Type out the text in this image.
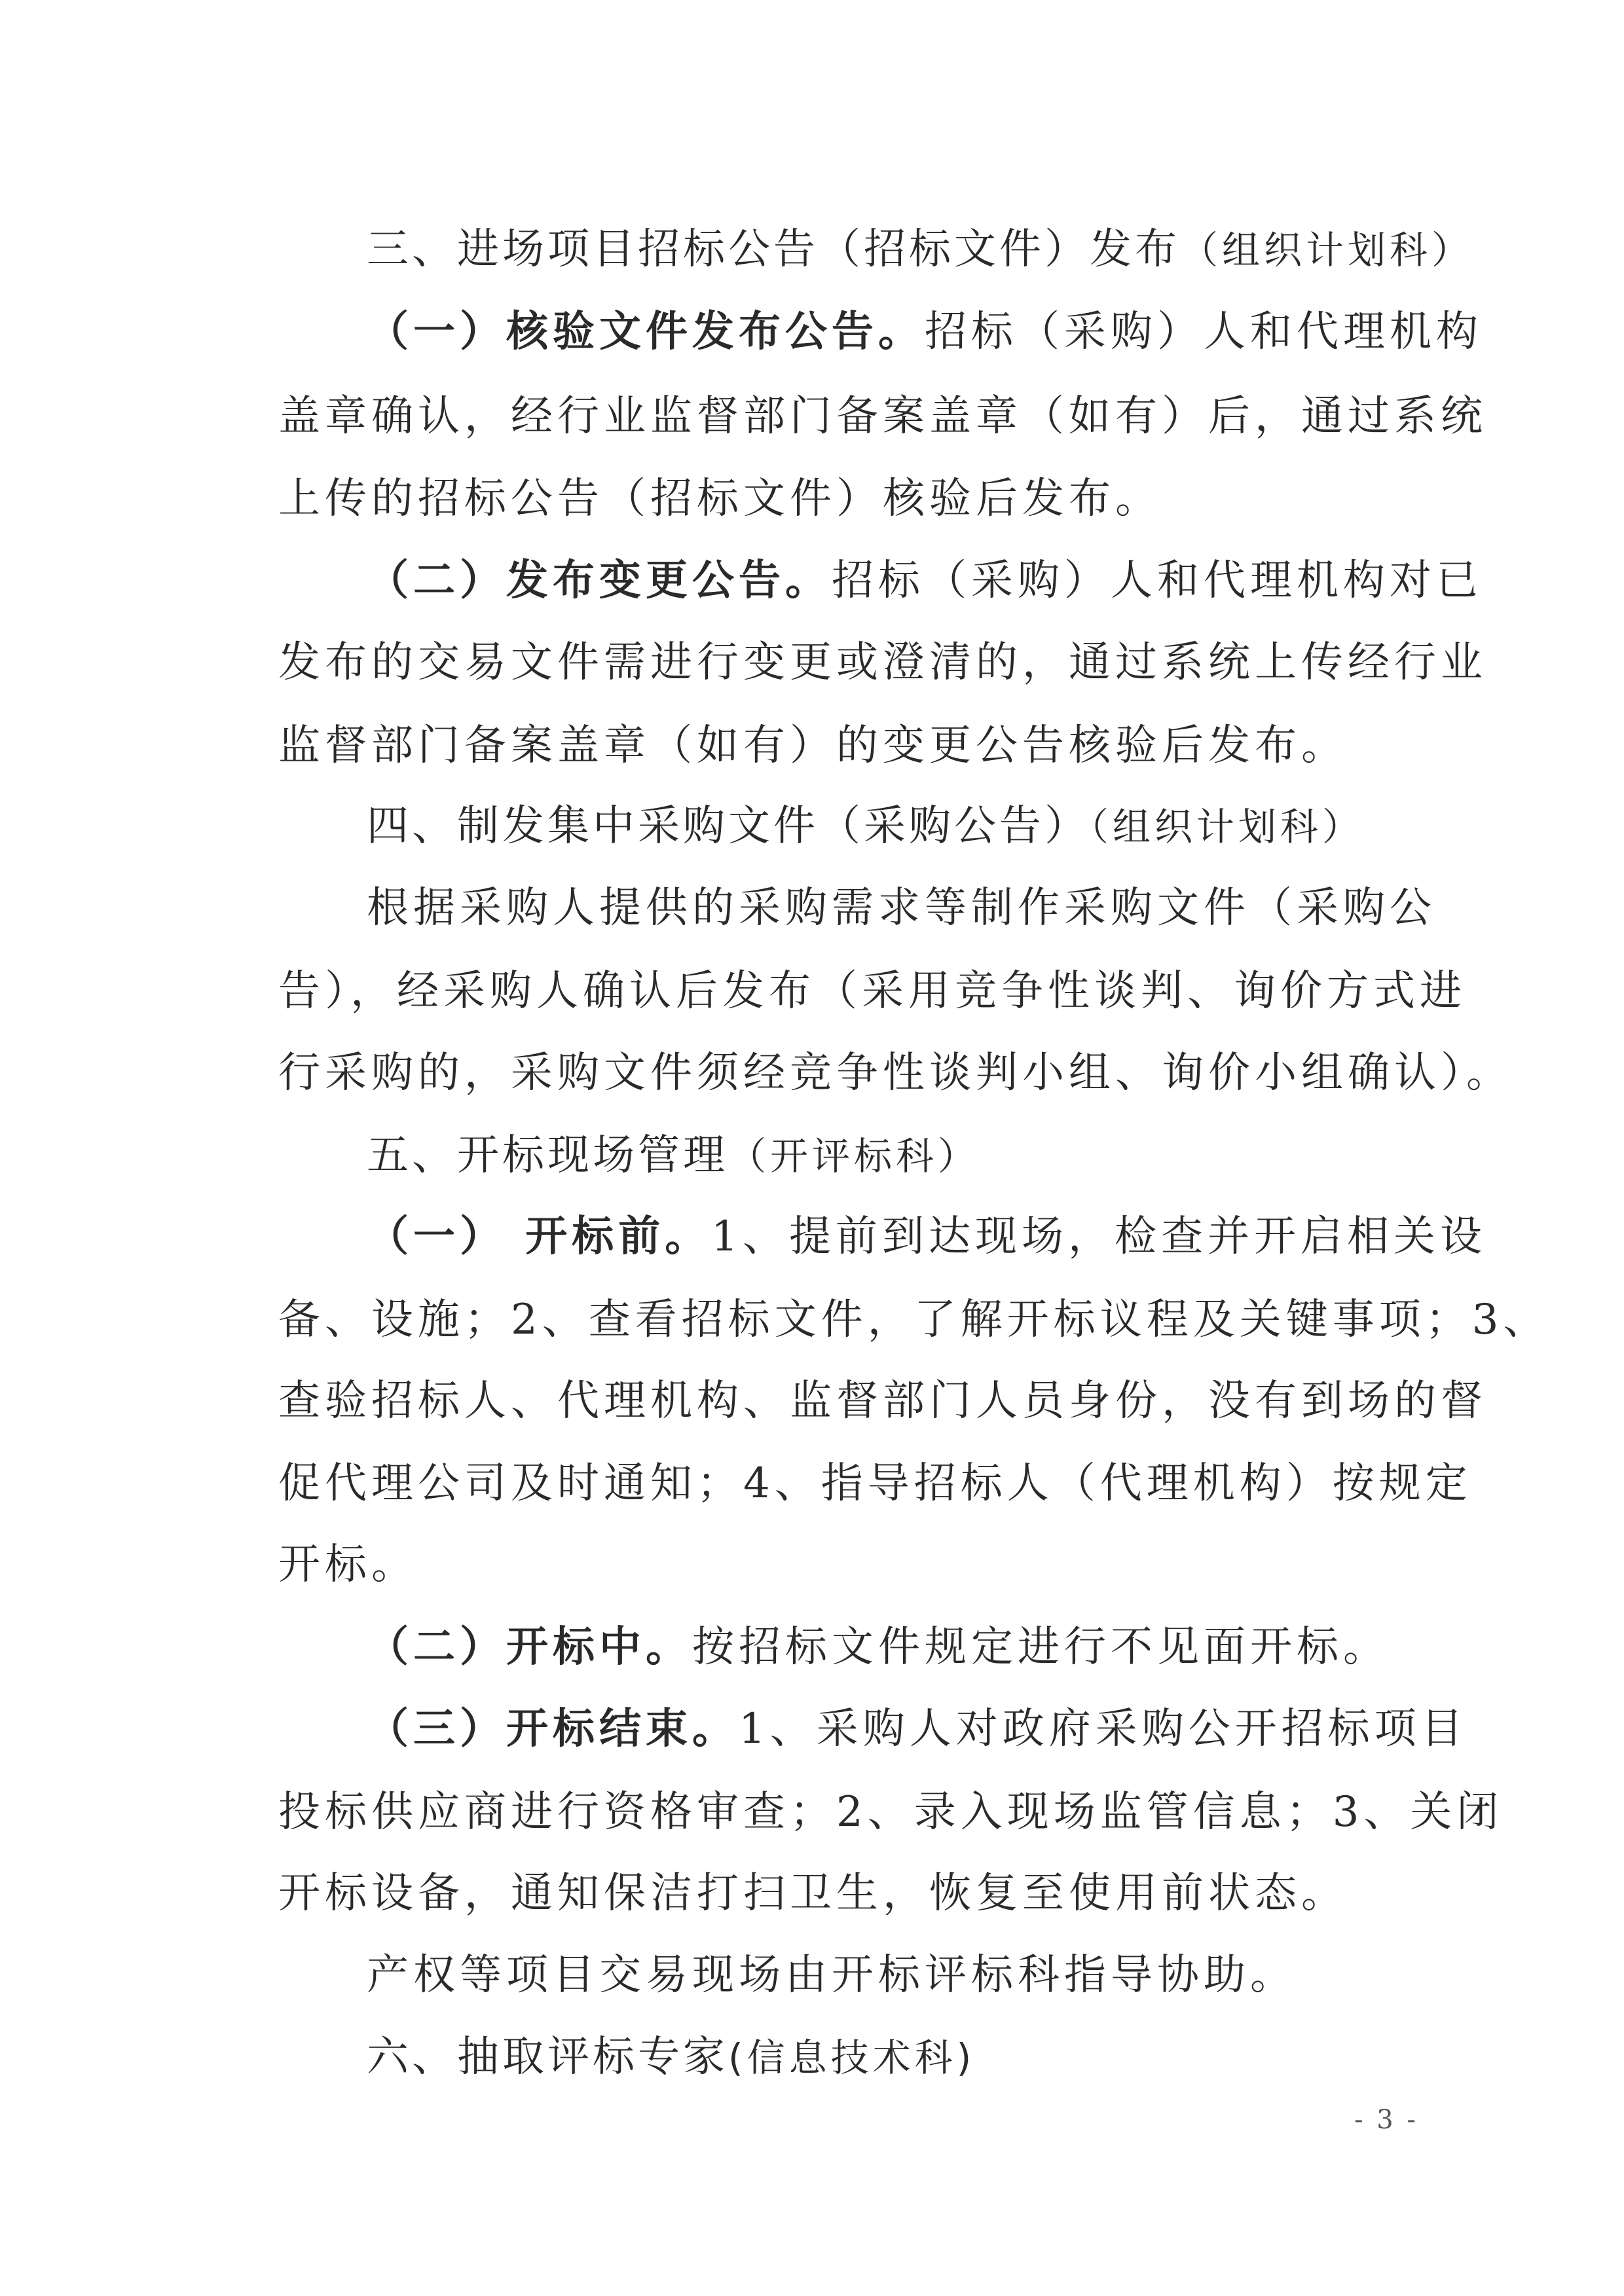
三、进场项目招标公告（招标文件）发布（组织计划科）
（一）核验文件发布公告。招标（采购）人和代理机构
盖章确认，经行业监督部门备案盖章（如有）后，通过系统
上传的招标公告（招标文件）核验后发布。
（二）发布变更公告。招标（采购）人和代理机构对已
发布的交易文件需进行变更或澄清的，通过系统上传经行业
监督部门备案盖章（如有）的变更公告核验后发布。
四、制发集中采购文件（采购公告）（组织计划科）
根据采购人提供的采购需求等制作采购文件（采购公
告），经采购人确认后发布（采用竞争性谈判、询价方式进
行采购的，采购文件须经竞争性谈判小组、询价小组确认）。
五、开标现场管理（开评标科）
（一） 开标前。1、提前到达现场，检查并开启相关设
备、设施；2、查看招标文件，了解开标议程及关键事项；3、
查验招标人、代理机构、监督部门人员身份，没有到场的督
促代理公司及时通知；4、指导招标人（代理机构）按规定
开标。
（二）开标中。按招标文件规定进行不见面开标。
（三）开标结束。1、采购人对政府采购公开招标项目
投标供应商进行资格审查；2、录入现场监管信息；3、关闭
开标设备，通知保洁打扫卫生，恢复至使用前状态。
产权等项目交易现场由开标评标科指导协助。
六、抽取评标专家(信息技术科)
- 3 -
